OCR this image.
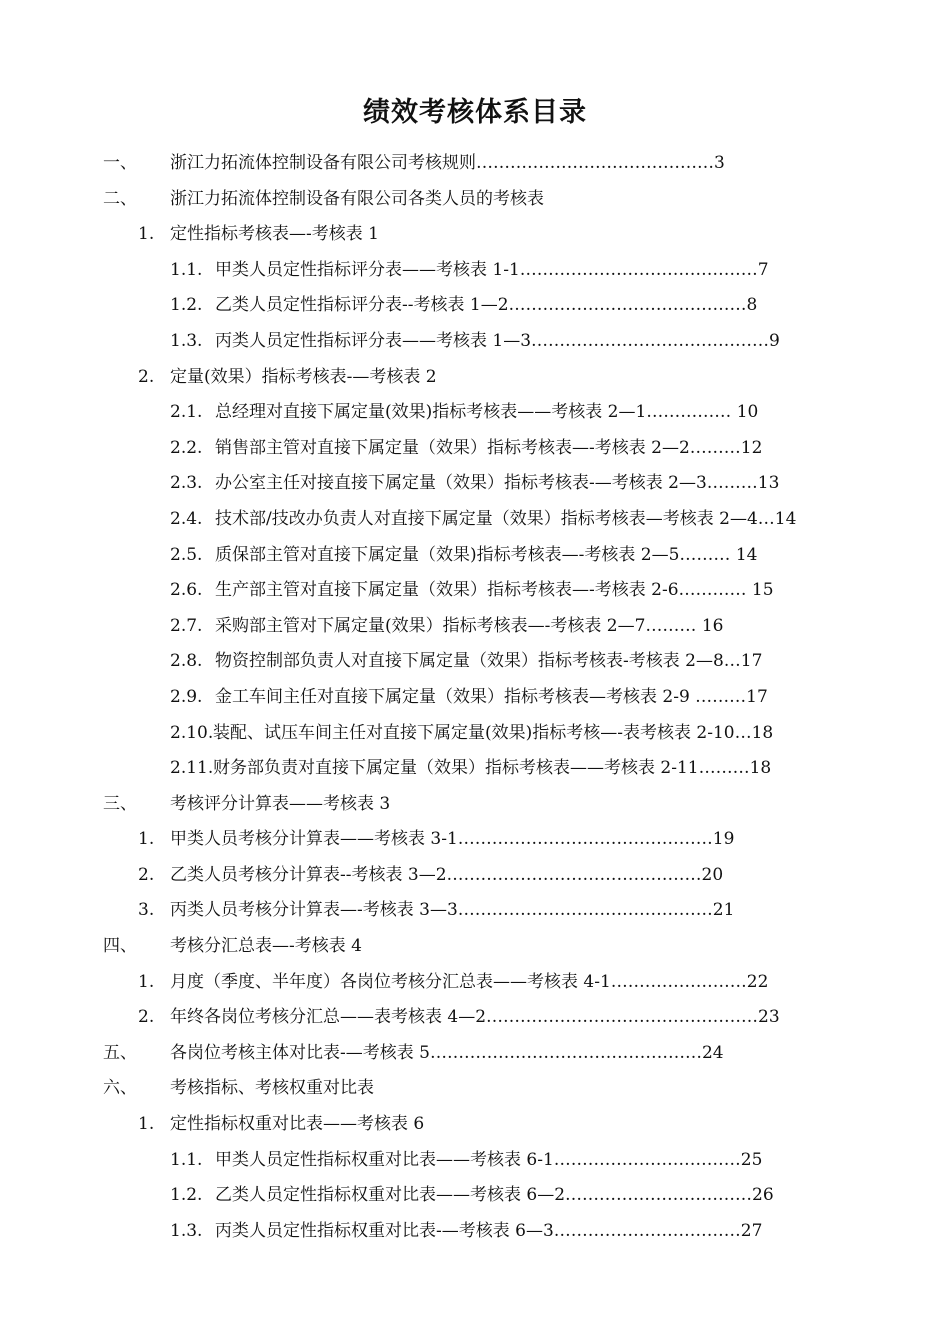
绩效考核体系目录
一、 浙江力拓流体控制设备有限公司考核规则……………………………………3
二、 浙江力拓流体控制设备有限公司各类人员的考核表
1. 定性指标考核表—-考核表 1
1.1. 甲类人员定性指标评分表——考核表 1-1……………………………………7
1.2. 乙类人员定性指标评分表--考核表 1—2……………………………………8
1.3. 丙类人员定性指标评分表——考核表 1—3……………………………………9
2. 定量(效果）指标考核表-—考核表 2
2.1. 总经理对直接下属定量(效果)指标考核表——考核表 2—1…………… 10
2.2. 销售部主管对直接下属定量（效果）指标考核表—-考核表 2—2………12
2.3. 办公室主任对接直接下属定量（效果）指标考核表-—考核表 2—3………13
2.4. 技术部/技改办负责人对直接下属定量（效果）指标考核表—考核表 2—4…14
2.5. 质保部主管对直接下属定量（效果)指标考核表—-考核表 2—5……… 14
2.6. 生产部主管对直接下属定量（效果）指标考核表—-考核表 2-6………… 15
2.7. 采购部主管对下属定量(效果）指标考核表—-考核表 2—7……… 16
2.8. 物资控制部负责人对直接下属定量（效果）指标考核表-考核表 2—8…17
2.9. 金工车间主任对直接下属定量（效果）指标考核表—考核表 2-9 ………17
2.10. 装配、试压车间主任对直接下属定量(效果)指标考核—-表考核表 2-10…18
2.11. 财务部负责对直接下属定量（效果）指标考核表——考核表 2-11………18
三、 考核评分计算表——考核表 3
1. 甲类人员考核分计算表——考核表 3-1………………………………………19
2. 乙类人员考核分计算表--考核表 3—2………………………………………20
3. 丙类人员考核分计算表—-考核表 3—3………………………………………21
四、 考核分汇总表—-考核表 4
1. 月度（季度、半年度）各岗位考核分汇总表——考核表 4-1……………………22
2. 年终各岗位考核分汇总——表考核表 4—2…………………………………………23
五、 各岗位考核主体对比表-—考核表 5…………………………………………24
六、 考核指标、考核权重对比表
1. 定性指标权重对比表——考核表 6
1.1. 甲类人员定性指标权重对比表——考核表 6-1……………………………25
1.2. 乙类人员定性指标权重对比表——考核表 6—2……………………………26
1.3. 丙类人员定性指标权重对比表-—考核表 6—3……………………………27
